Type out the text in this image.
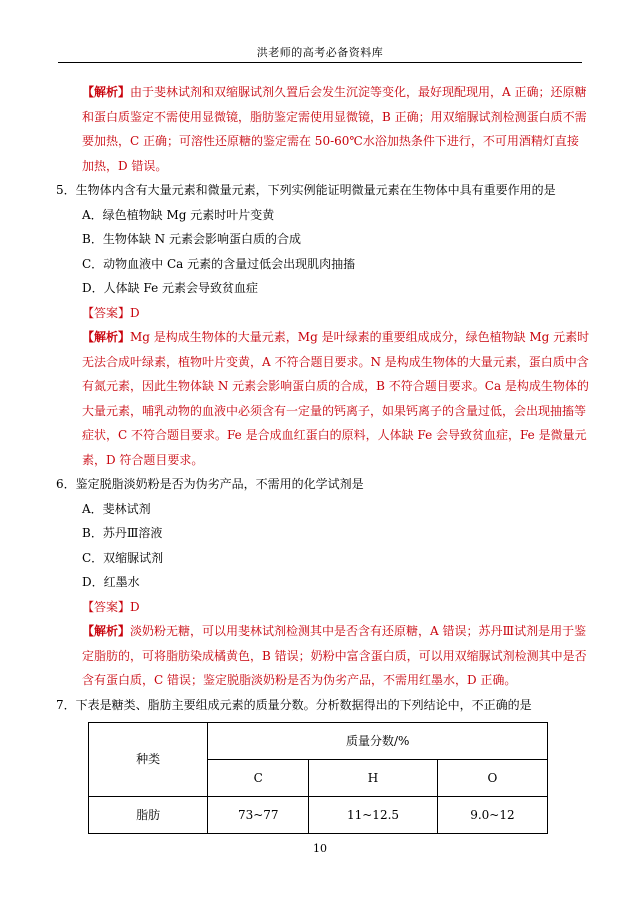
洪老师的高考必备资料库

【解析】由于斐林试剂和双缩脲试剂久置后会发生沉淀等变化，最好现配现用，A 正确；还原糖和蛋白质鉴定不需使用显微镜，脂肪鉴定需使用显微镜，B 正确；用双缩脲试剂检测蛋白质不需要加热，C 正确；可溶性还原糖的鉴定需在 50-60℃水浴加热条件下进行，不可用酒精灯直接加热，D 错误。

5．生物体内含有大量元素和微量元素，下列实例能证明微量元素在生物体中具有重要作用的是

A．绿色植物缺 Mg 元素时叶片变黄

B．生物体缺 N 元素会影响蛋白质的合成

C．动物血液中 Ca 元素的含量过低会出现肌肉抽搐

D．人体缺 Fe 元素会导致贫血症

【答案】D

【解析】Mg 是构成生物体的大量元素，Mg 是叶绿素的重要组成成分，绿色植物缺 Mg 元素时无法合成叶绿素，植物叶片变黄，A 不符合题目要求。N 是构成生物体的大量元素，蛋白质中含有氮元素，因此生物体缺 N 元素会影响蛋白质的合成，B 不符合题目要求。Ca 是构成生物体的大量元素，哺乳动物的血液中必须含有一定量的钙离子，如果钙离子的含量过低，会出现抽搐等症状，C 不符合题目要求。Fe 是合成血红蛋白的原料，人体缺 Fe 会导致贫血症，Fe 是微量元素，D 符合题目要求。

6．鉴定脱脂淡奶粉是否为伪劣产品，不需用的化学试剂是

A．斐林试剂

B．苏丹Ⅲ溶液

C．双缩脲试剂

D．红墨水

【答案】D

【解析】淡奶粉无糖，可以用斐林试剂检测其中是否含有还原糖，A 错误；苏丹Ⅲ试剂是用于鉴定脂肪的，可将脂肪染成橘黄色，B 错误；奶粉中富含蛋白质，可以用双缩脲试剂检测其中是否含有蛋白质，C 错误；鉴定脱脂淡奶粉是否为伪劣产品，不需用红墨水，D 正确。

7．下表是糖类、脂肪主要组成元素的质量分数。分析数据得出的下列结论中，不正确的是

种类	质量分数/%		
	C	H	O
脂肪	73~77	11~12.5	9.0~12
10
